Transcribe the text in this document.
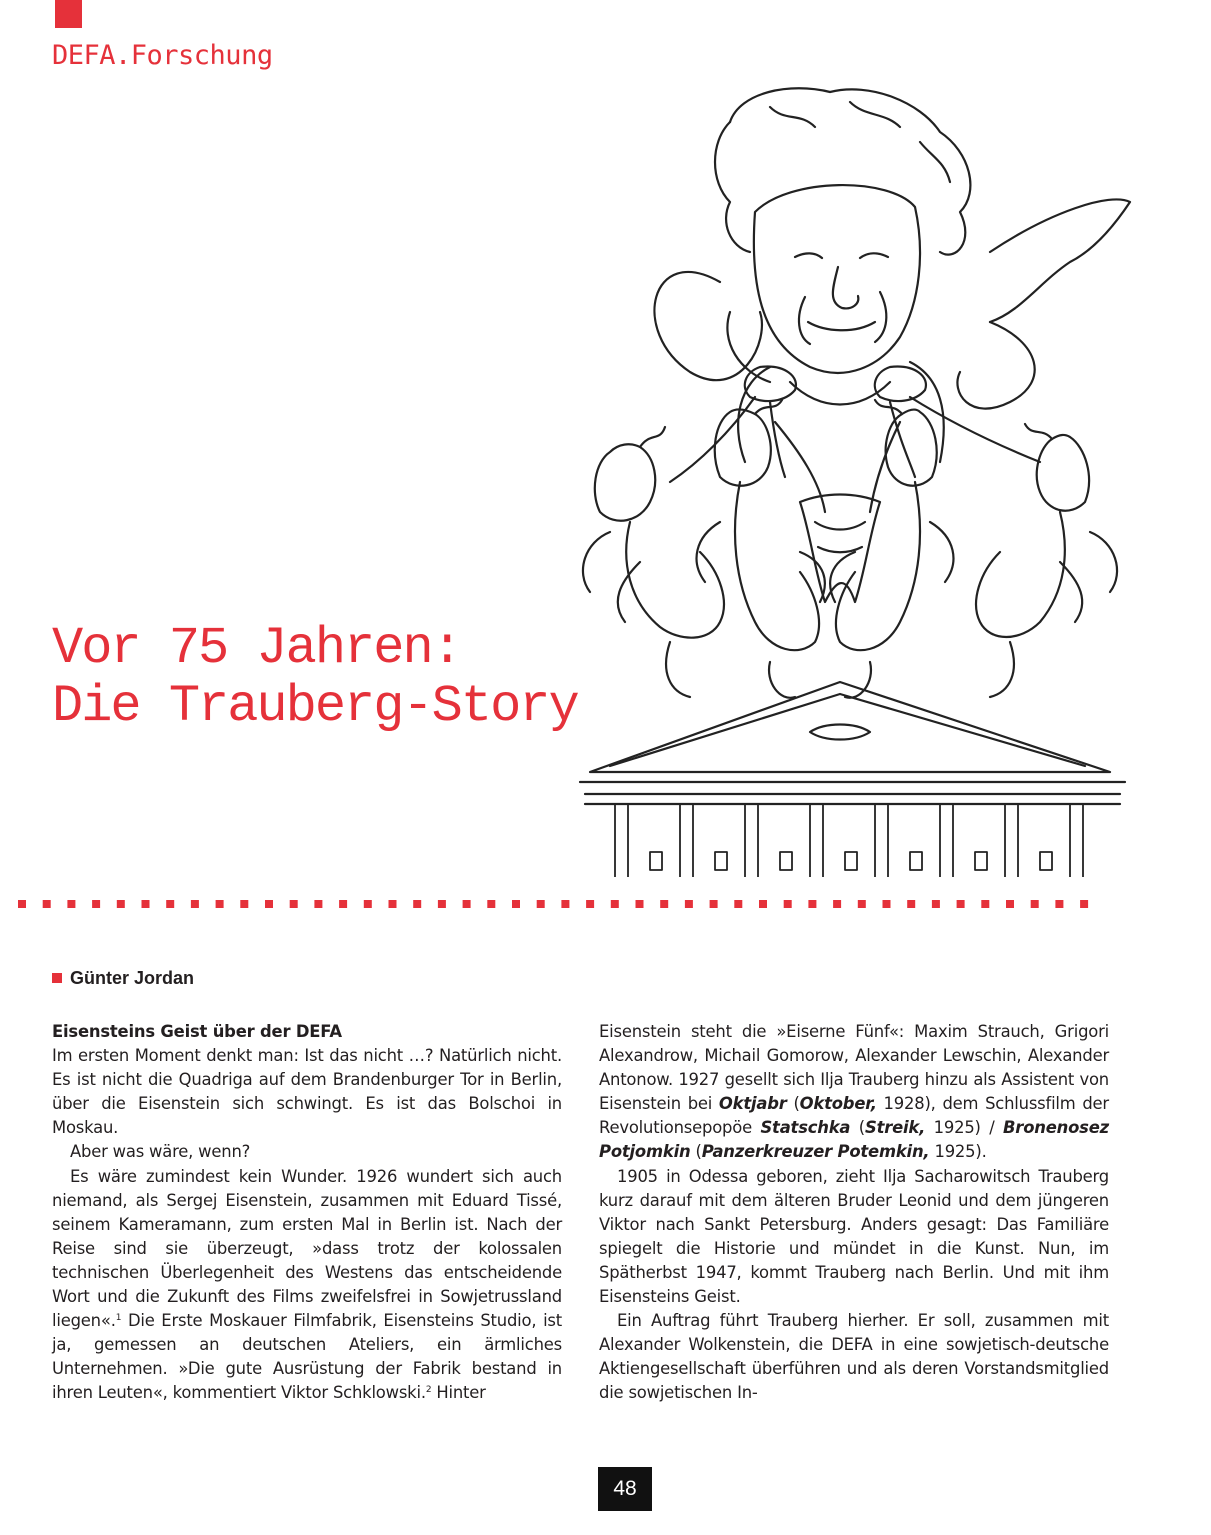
DEFA.Forschung
Vor 75 Jahren:
Die Trauberg-Story
Günter Jordan
Eisensteins Geist über der DEFA

Im ersten Moment denkt man: Ist das nicht …? Natürlich nicht. Es ist nicht die Quadriga auf dem Brandenburger Tor in Berlin, über die Eisenstein sich schwingt. Es ist das Bolschoi in Moskau.

Aber was wäre, wenn?

Es wäre zumindest kein Wunder. 1926 wundert sich auch niemand, als Sergej Eisenstein, zusammen mit Eduard Tissé, seinem Kameramann, zum ersten Mal in Berlin ist. Nach der Reise sind sie überzeugt, »dass trotz der kolossalen technischen Überlegenheit des Westens das entscheidende Wort und die Zukunft des Films zweifelsfrei in Sowjetrussland liegen«.$^1$ Die Erste Moskauer Filmfabrik, Eisensteins Studio, ist ja, gemessen an deutschen Ateliers, ein ärmliches Unternehmen. »Die gute Ausrüstung der Fabrik bestand in ihren Leuten«, kommentiert Viktor Schklowski.$^2$ Hinter

Eisenstein steht die »Eiserne Fünf«: Maxim Strauch, Grigori Alexandrow, Michail Gomorow, Alexander Lewschin, Alexander Antonow. 1927 gesellt sich Ilja Trauberg hinzu als Assistent von Eisenstein bei Oktjabr (Oktober, 1928), dem Schlussfilm der Revolutionsepopöe Statschka (Streik, 1925) / Bronenosez Potjomkin (Panzerkreuzer Potemkin, 1925).

1905 in Odessa geboren, zieht Ilja Sacharowitsch Trauberg kurz darauf mit dem älteren Bruder Leonid und dem jüngeren Viktor nach Sankt Petersburg. Anders gesagt: Das Familiäre spiegelt die Historie und mündet in die Kunst. Nun, im Spätherbst 1947, kommt Trauberg nach Berlin. Und mit ihm Eisensteins Geist.

Ein Auftrag führt Trauberg hierher. Er soll, zusammen mit Alexander Wolkenstein, die DEFA in eine sowjetisch-deutsche Aktiengesellschaft überführen und als deren Vorstandsmitglied die sowjetischen In-

48
